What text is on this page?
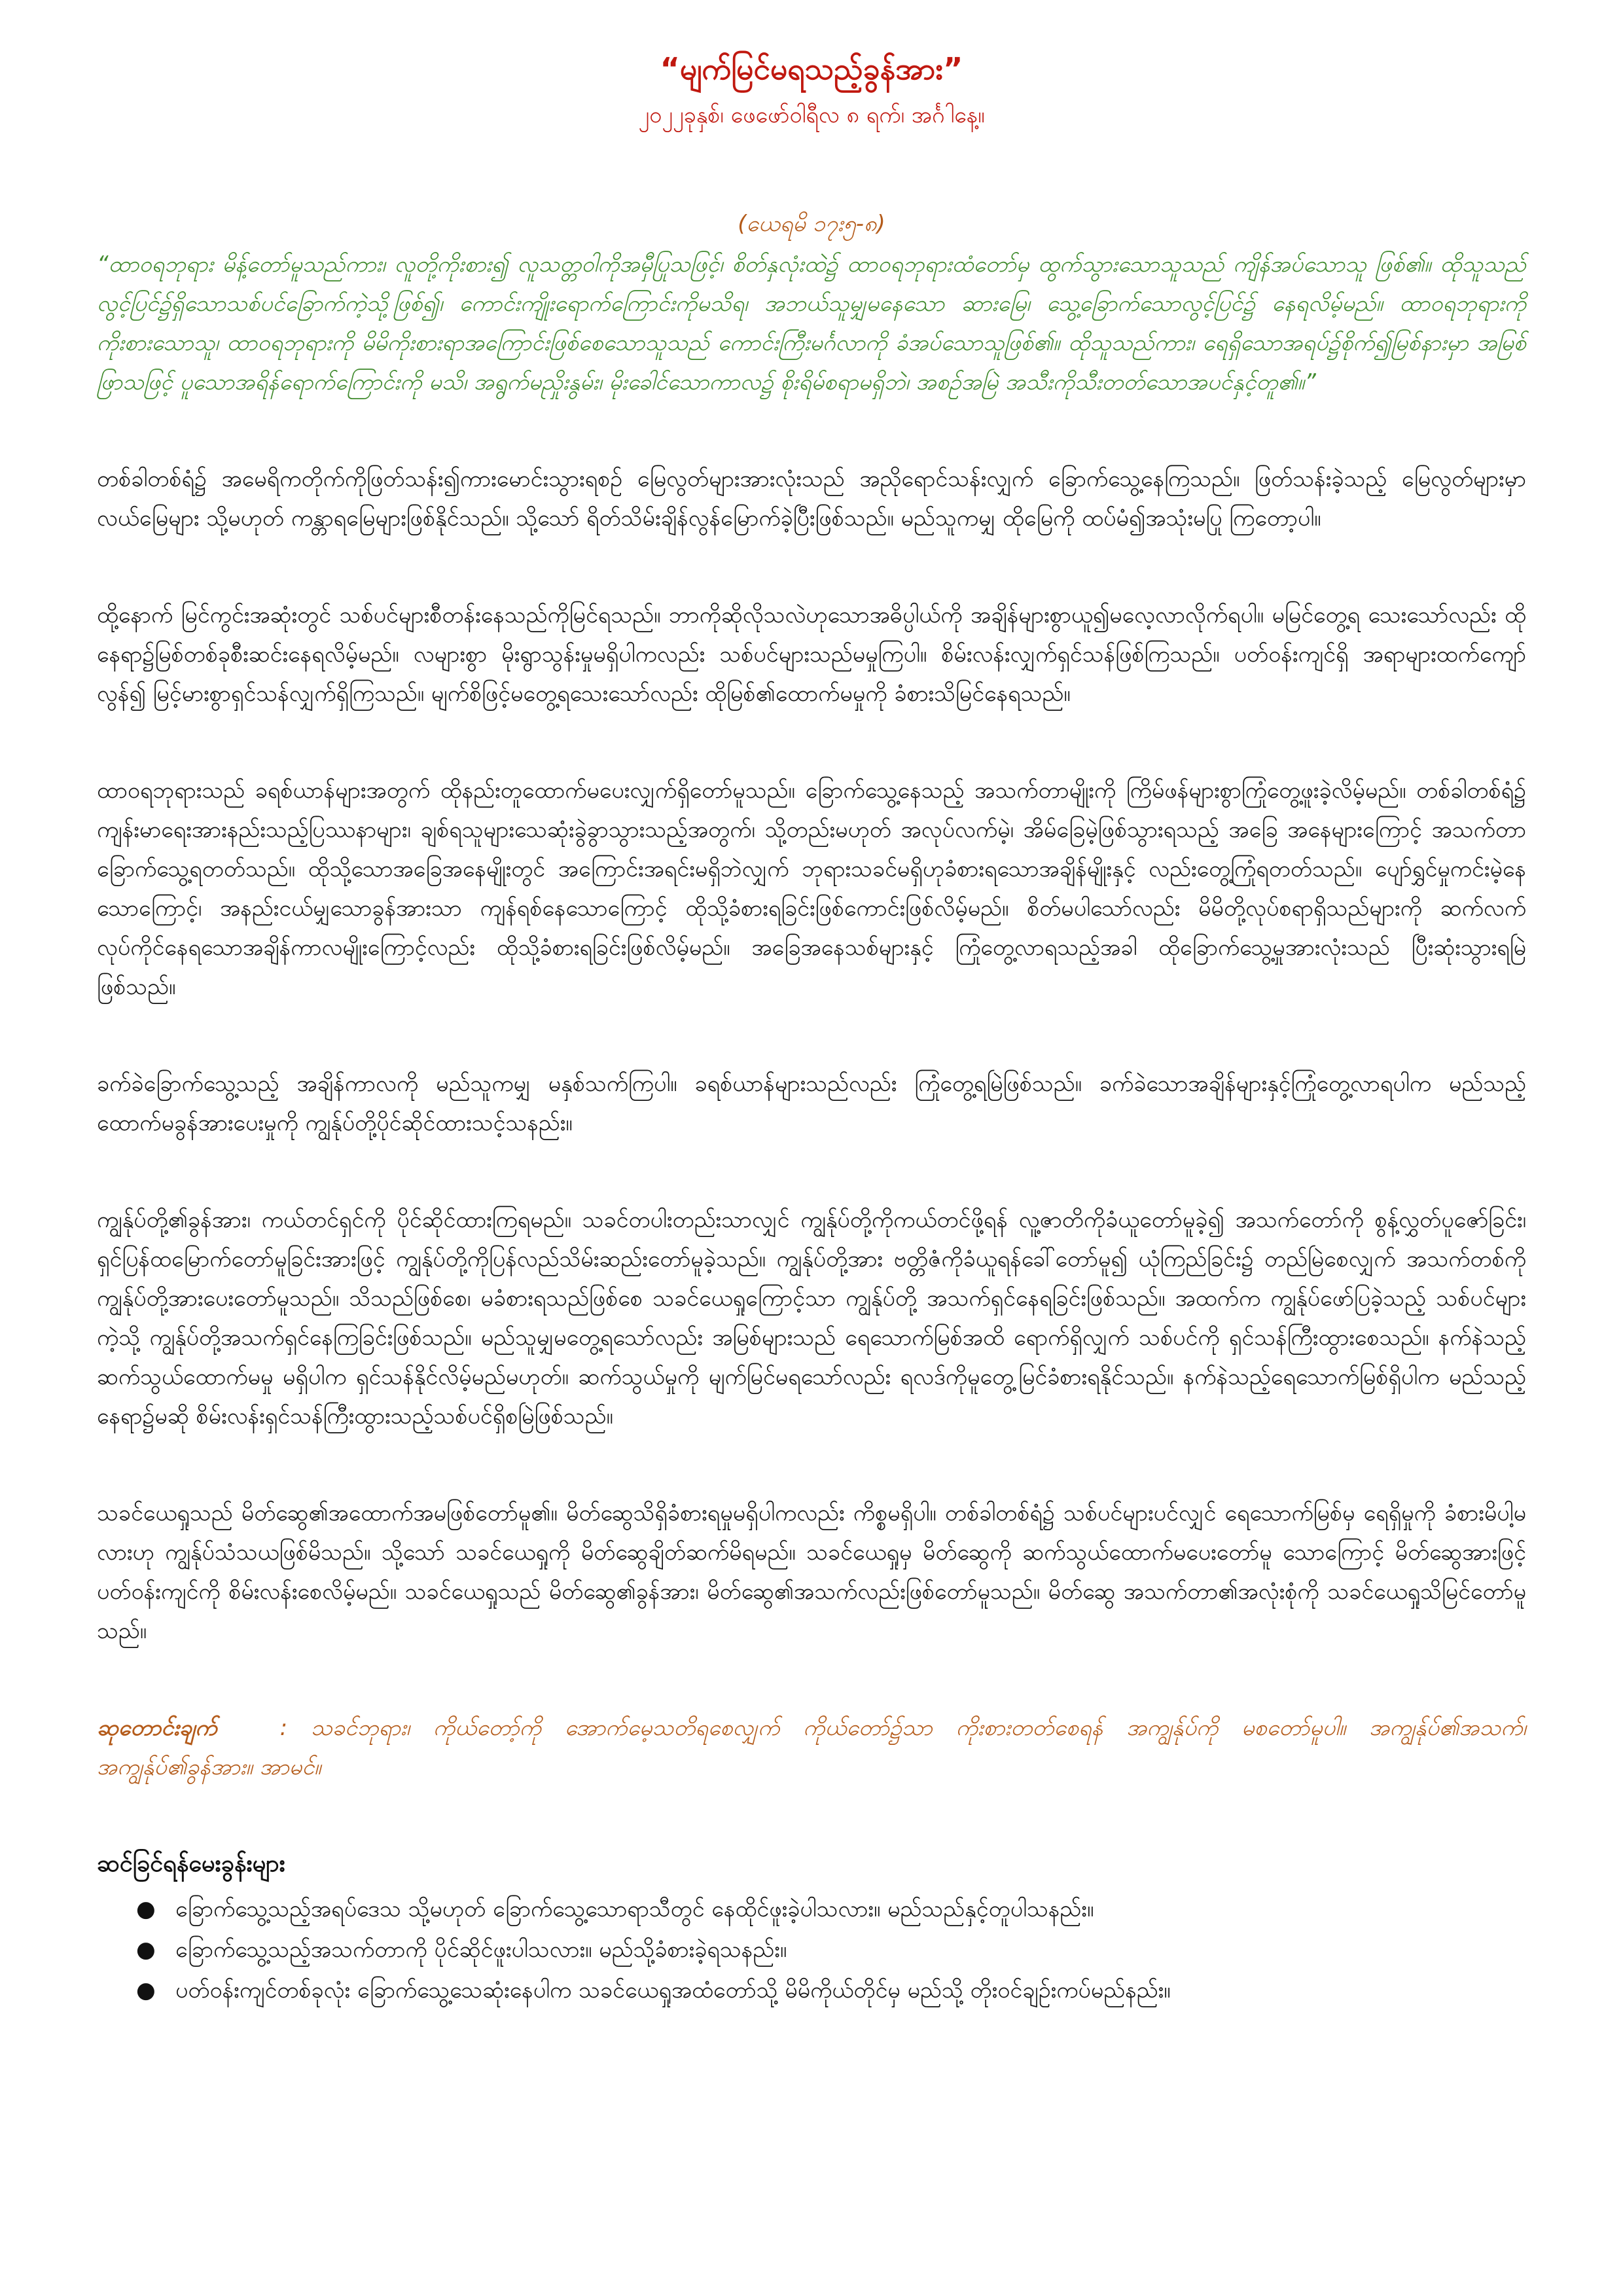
“မျက်မြင်မရသည့်ခွန်အား”

၂၀၂၂ခုနှစ်၊ ဖေဖော်ဝါရီလ ၈ ရက်၊ အင်္ဂါနေ့။

(ယေရမိ ၁၇း၅-၈)

“ထာဝရဘုရား မိန့်တော်မူသည်ကား၊ လူတို့ကိုးစား၍ လူသတ္တဝါကိုအမှီပြုသဖြင့်၊ စိတ်နှလုံးထဲ၌ ထာဝရဘုရားထံတော်မှ ထွက်သွားသောသူသည် ကျိန်အပ်သောသူ ဖြစ်၏။ ထိုသူသည် လွင့်ပြင်၌ရှိသောသစ်ပင်ခြောက်ကဲ့သို့ဖြစ်၍၊ ကောင်းကျိုးရောက်ကြောင်းကိုမသိရ၊ အဘယ်သူမျှမနေသော ဆားမြေ၊ သွေ့ခြောက်သောလွင့်ပြင်၌ နေရလိမ့်မည်။ ထာဝရဘုရားကို ကိုးစားသောသူ၊ ထာဝရဘုရားကို မိမိကိုးစားရာအကြောင်းဖြစ်စေသောသူသည် ကောင်းကြီးမင်္ဂလာကို ခံအပ်သောသူဖြစ်၏။ ထိုသူသည်ကား၊ ရေရှိသောအရပ်၌စိုက်၍မြစ်နားမှာ အမြစ်ဖြာသဖြင့် ပူသောအရိန်ရောက်ကြောင်းကို မသိ၊ အရွက်မညှိုးနွမ်း၊ မိုးခေါင်သောကာလ၌ စိုးရိမ်စရာမရှိဘဲ၊ အစဉ်အမြဲ အသီးကိုသီးတတ်သောအပင်နှင့်တူ၏။”

တစ်ခါတစ်ရံ၌ အမေရိကတိုက်ကိုဖြတ်သန်း၍ကားမောင်းသွားရစဉ် မြေလွတ်များအားလုံးသည် အညိုရောင်သန်းလျှက် ခြောက်သွေ့နေကြသည်။ ဖြတ်သန်းခဲ့သည့် မြေလွတ်များမှာ လယ်မြေများ သို့မဟုတ် ကန္တာရမြေများဖြစ်နိုင်သည်။ သို့သော် ရိတ်သိမ်းချိန်လွန်မြောက်ခဲ့ပြီးဖြစ်သည်။ မည်သူကမျှ ထိုမြေကို ထပ်မံ၍အသုံးမပြု ကြတော့ပါ။

ထို့နောက် မြင်ကွင်းအဆုံးတွင် သစ်ပင်များစီတန်းနေသည်ကိုမြင်ရသည်။ ဘာကိုဆိုလိုသလဲဟုသောအဓိပ္ပါယ်ကို အချိန်များစွာယူ၍မလေ့လာလိုက်ရပါ။ မမြင်တွေ့ရ သေးသော်လည်း ထိုနေရာ၌မြစ်တစ်ခုစီးဆင်းနေရလိမ့်မည်။ လများစွာ မိုးရွာသွန်းမှုမရှိပါကလည်း သစ်ပင်များသည်မမှုကြပါ။ စိမ်းလန်းလျှက်ရှင်သန်ဖြစ်ကြသည်။ ပတ်ဝန်းကျင်ရှိ အရာများထက်ကျော်လွန်၍ မြင့်မားစွာရှင်သန်လျှက်ရှိကြသည်။ မျက်စိဖြင့်မတွေ့ရသေးသော်လည်း ထိုမြစ်၏ထောက်မမှုကို ခံစားသိမြင်နေရသည်။

ထာဝရဘုရားသည် ခရစ်ယာန်များအတွက် ထိုနည်းတူထောက်မပေးလျှက်ရှိတော်မူသည်။ ခြောက်သွေ့နေသည့် အသက်တာမျိုးကို ကြိမ်ဖန်များစွာကြုံတွေ့ဖူးခဲ့လိမ့်မည်။ တစ်ခါတစ်ရံ၌ ကျန်းမာရေးအားနည်းသည့်ပြဿနာများ၊ ချစ်ရသူများသေဆုံးခွဲခွာသွားသည့်အတွက်၊ သို့တည်းမဟုတ် အလုပ်လက်မဲ့၊ အိမ်ခြေမဲ့ဖြစ်သွားရသည့် အခြေ အနေများကြောင့် အသက်တာခြောက်သွေ့ရတတ်သည်။ ထိုသို့သောအခြေအနေမျိုးတွင် အကြောင်းအရင်းမရှိဘဲလျှက် ဘုရားသခင်မရှိဟုခံစားရသောအချိန်မျိုးနှင့် လည်းတွေ့ကြုံရတတ်သည်။ ပျော်ရွှင်မှုကင်းမဲ့နေသောကြောင့်၊ အနည်းငယ်မျှသောခွန်အားသာ ကျန်ရစ်နေသောကြောင့် ထိုသို့ခံစားရခြင်းဖြစ်ကောင်းဖြစ်လိမ့်မည်။ စိတ်မပါသော်လည်း မိမိတို့လုပ်စရာရှိသည်များကို ဆက်လက်လုပ်ကိုင်နေရသောအချိန်ကာလမျိုးကြောင့်လည်း ထိုသို့ခံစားရခြင်းဖြစ်လိမ့်မည်။ အခြေအနေသစ်များနှင့် ကြုံတွေ့လာရသည့်အခါ ထိုခြောက်သွေ့မှုအားလုံးသည် ပြီးဆုံးသွားရမြဲဖြစ်သည်။

ခက်ခဲခြောက်သွေ့သည့် အချိန်ကာလကို မည်သူကမျှ မနှစ်သက်ကြပါ။ ခရစ်ယာန်များသည်လည်း ကြုံတွေ့ရမြဲဖြစ်သည်။ ခက်ခဲသောအချိန်များနှင့်ကြုံတွေ့လာရပါက မည်သည့်ထောက်မခွန်အားပေးမှုကို ကျွန်ုပ်တို့ပိုင်ဆိုင်ထားသင့်သနည်း။

ကျွန်ုပ်တို့၏ခွန်အား၊ ကယ်တင်ရှင်ကို ပိုင်ဆိုင်ထားကြရမည်။ သခင်တပါးတည်းသာလျှင် ကျွန်ုပ်တို့ကိုကယ်တင်ဖို့ရန် လူ့ဇာတိကိုခံယူတော်မူခဲ့၍ အသက်တော်ကို စွန့်လွှတ်ပူဇော်ခြင်း၊ ရှင်ပြန်ထမြောက်တော်မူခြင်းအားဖြင့် ကျွန်ုပ်တို့ကိုပြန်လည်သိမ်းဆည်းတော်မူခဲ့သည်။ ကျွန်ုပ်တို့အား ဗတ္တိဇံကိုခံယူရန်ခေါ်တော်မူ၍ ယုံကြည်ခြင်း၌ တည်မြဲစေလျှက် အသက်တစ်ကို ကျွန်ုပ်တို့အားပေးတော်မူသည်။ သိသည်ဖြစ်စေ၊ မခံစားရသည်ဖြစ်စေ သခင်ယေရှုကြောင့်သာ ကျွန်ုပ်တို့ အသက်ရှင်နေရခြင်းဖြစ်သည်။ အထက်က ကျွန်ုပ်ဖော်ပြခဲ့သည့် သစ်ပင်များကဲ့သို့ ကျွန်ုပ်တို့အသက်ရှင်နေကြခြင်းဖြစ်သည်။ မည်သူမျှမတွေ့ရသော်လည်း အမြစ်များသည် ရေသောက်မြစ်အထိ ရောက်ရှိလျှက် သစ်ပင်ကို ရှင်သန်ကြီးထွားစေသည်။ နက်နဲသည့်ဆက်သွယ်ထောက်မမှု မရှိပါက ရှင်သန်နိုင်လိမ့်မည်မဟုတ်။ ဆက်သွယ်မှုကို မျက်မြင်မရသော်လည်း ရလဒ်ကိုမူတွေ့မြင်ခံစားရနိုင်သည်။ နက်နဲသည့်ရေသောက်မြစ်ရှိပါက မည်သည့်နေရာ၌မဆို စိမ်းလန်းရှင်သန်ကြီးထွားသည့်သစ်ပင်ရှိစမြဲဖြစ်သည်။

သခင်ယေရှုသည် မိတ်ဆွေ၏အထောက်အမဖြစ်တော်မူ၏။ မိတ်ဆွေသိရှိခံစားရမှုမရှိပါကလည်း ကိစ္စမရှိပါ။ တစ်ခါတစ်ရံ၌ သစ်ပင်များပင်လျှင် ရေသောက်မြစ်မှ ရေရှိမှုကို ခံစားမိပါ့မလားဟု ကျွန်ုပ်သံသယဖြစ်မိသည်။ သို့သော် သခင်ယေရှုကို မိတ်ဆွေချိတ်ဆက်မိရမည်။ သခင်ယေရှုမှ မိတ်ဆွေကို ဆက်သွယ်ထောက်မပေးတော်မူ သောကြောင့် မိတ်ဆွေအားဖြင့် ပတ်ဝန်းကျင်ကို စိမ်းလန်းစေလိမ့်မည်။ သခင်ယေရှုသည် မိတ်ဆွေ၏ခွန်အား၊ မိတ်ဆွေ၏အသက်လည်းဖြစ်တော်မူသည်။ မိတ်ဆွေ အသက်တာ၏အလုံးစုံကို သခင်ယေရှုသိမြင်တော်မူသည်။

ဆုတောင်းချက်	: သခင်ဘုရား၊ ကိုယ်တော့်ကို အောက်မေ့သတိရစေလျှက် ကိုယ်တော်၌သာ ကိုးစားတတ်စေရန် အကျွန်ုပ်ကို မစတော်မူပါ။ အကျွန်ုပ်၏အသက်၊ အကျွန်ုပ်၏ခွန်အား။ အာမင်။

ဆင်ခြင်ရန်မေးခွန်းများ

● ခြောက်သွေ့သည့်အရပ်ဒေသ သို့မဟုတ် ခြောက်သွေ့သောရာသီတွင် နေထိုင်ဖူးခဲ့ပါသလား။ မည်သည်နှင့်တူပါသနည်း။
● ခြောက်သွေ့သည့်အသက်တာကို ပိုင်ဆိုင်ဖူးပါသလား။ မည်သို့ခံစားခဲ့ရသနည်း။
● ပတ်ဝန်းကျင်တစ်ခုလုံး ခြောက်သွေ့သေဆုံးနေပါက သခင်ယေရှုအထံတော်သို့ မိမိကိုယ်တိုင်မှ မည်သို့ တိုးဝင်ချဉ်းကပ်မည်နည်း။
